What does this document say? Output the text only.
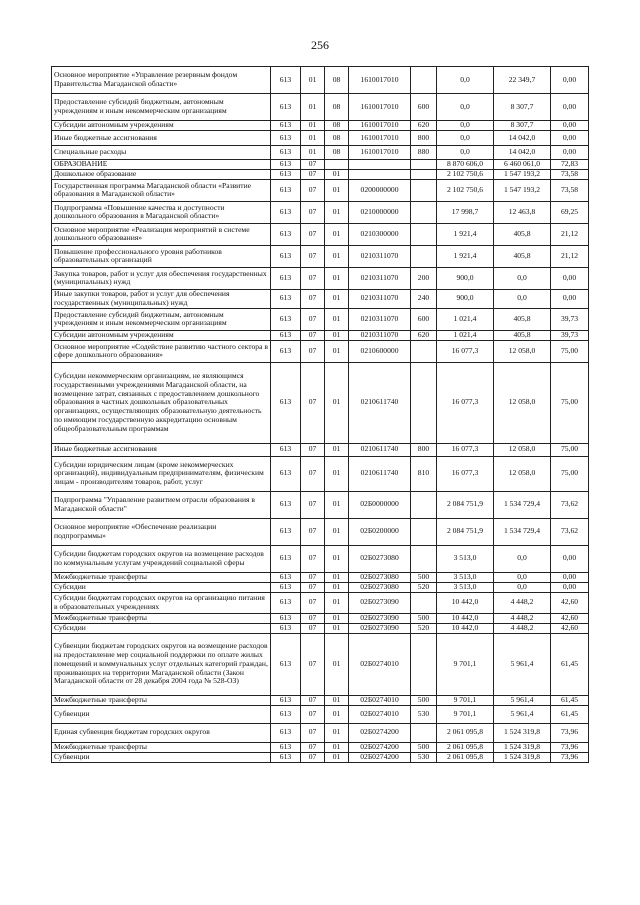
256
Основное мероприятие «Управление резервным фондом Правительства Магаданской области»	613	01	08	1610017010		0,0	22 349,7	0,00
Предоставление субсидий бюджетным, автономным учреждениям и иным некоммерческим организациям	613	01	08	1610017010	600	0,0	8 307,7	0,00
Субсидии автономным учреждениям	613	01	08	1610017010	620	0,0	8 307,7	0,00
Иные бюджетные ассигнования	613	01	08	1610017010	800	0,0	14 042,0	0,00
Специальные расходы	613	01	08	1610017010	880	0,0	14 042,0	0,00
ОБРАЗОВАНИЕ	613	07				8 870 606,0	6 460 061,0	72,83
Дошкольное образование	613	07	01			2 102 750,6	1 547 193,2	73,58
Государственная программа Магаданской области «Развитие образования в Магаданской области»	613	07	01	0200000000		2 102 750,6	1 547 193,2	73,58
Подпрограмма «Повышение качества и доступности дошкольного образования в Магаданской области»	613	07	01	0210000000		17 998,7	12 463,8	69,25
Основное мероприятие «Реализация мероприятий в системе дошкольного образования»	613	07	01	0210300000		1 921,4	405,8	21,12
Повышение профессионального уровня работников образовательных организаций	613	07	01	0210311070		1 921,4	405,8	21,12
Закупка товаров, работ и услуг для обеспечения государственных (муниципальных) нужд	613	07	01	0210311070	200	900,0	0,0	0,00
Иные закупки товаров, работ и услуг для обеспечения государственных (муниципальных) нужд	613	07	01	0210311070	240	900,0	0,0	0,00
Предоставление субсидий бюджетным, автономным учреждениям и иным некоммерческим организациям	613	07	01	0210311070	600	1 021,4	405,8	39,73
Субсидии автономным учреждениям	613	07	01	0210311070	620	1 021,4	405,8	39,73
Основное мероприятие «Содействие развитию частного сектора в сфере дошкольного образования»	613	07	01	0210600000		16 077,3	12 058,0	75,00
Субсидии некоммерческим организациям, не являющимся государственными учреждениями Магаданской области, на возмещение затрат, связанных с предоставлением дошкольного образования в частных дошкольных образовательных организациях, осуществляющих образовательную деятельность по имеющим государственную аккредитацию основным общеобразовательным программам	613	07	01	0210611740		16 077,3	12 058,0	75,00
Иные бюджетные ассигнования	613	07	01	0210611740	800	16 077,3	12 058,0	75,00
Субсидии юридическим лицам (кроме некоммерческих организаций), индивидуальным предпринимателям, физическим лицам - производителям товаров, работ, услуг	613	07	01	0210611740	810	16 077,3	12 058,0	75,00
Подпрограмма "Управление развитием отрасли образования в Магаданской области"	613	07	01	02Б0000000		2 084 751,9	1 534 729,4	73,62
Основное мероприятие «Обеспечение реализации подпрограммы»	613	07	01	02Б0200000		2 084 751,9	1 534 729,4	73,62
Субсидии бюджетам городских округов на возмещение расходов по коммунальным услугам учреждений социальной сферы	613	07	01	02Б0273080		3 513,0	0,0	0,00
Межбюджетные трансферты	613	07	01	02Б0273080	500	3 513,0	0,0	0,00
Субсидии	613	07	01	02Б0273080	520	3 513,0	0,0	0,00
Субсидии бюджетам городских округов на организацию питания в образовательных учреждениях	613	07	01	02Б0273090		10 442,0	4 448,2	42,60
Межбюджетные трансферты	613	07	01	02Б0273090	500	10 442,0	4 448,2	42,60
Субсидии	613	07	01	02Б0273090	520	10 442,0	4 448,2	42,60
Субвенции бюджетам городских округов на возмещение расходов на предоставление мер социальной поддержки по оплате жилых помещений и коммунальных услуг отдельных категорий граждан, проживающих на территории Магаданской области (Закон Магаданской области от 28 декабря 2004 года № 528-ОЗ)	613	07	01	02Б0274010		9 701,1	5 961,4	61,45
Межбюджетные трансферты	613	07	01	02Б0274010	500	9 701,1	5 961,4	61,45
Субвенции	613	07	01	02Б0274010	530	9 701,1	5 961,4	61,45
Единая субвенция бюджетам городских округов	613	07	01	02Б0274200		2 061 095,8	1 524 319,8	73,96
Межбюджетные трансферты	613	07	01	02Б0274200	500	2 061 095,8	1 524 319,8	73,96
Субвенции	613	07	01	02Б0274200	530	2 061 095,8	1 524 319,8	73,96
